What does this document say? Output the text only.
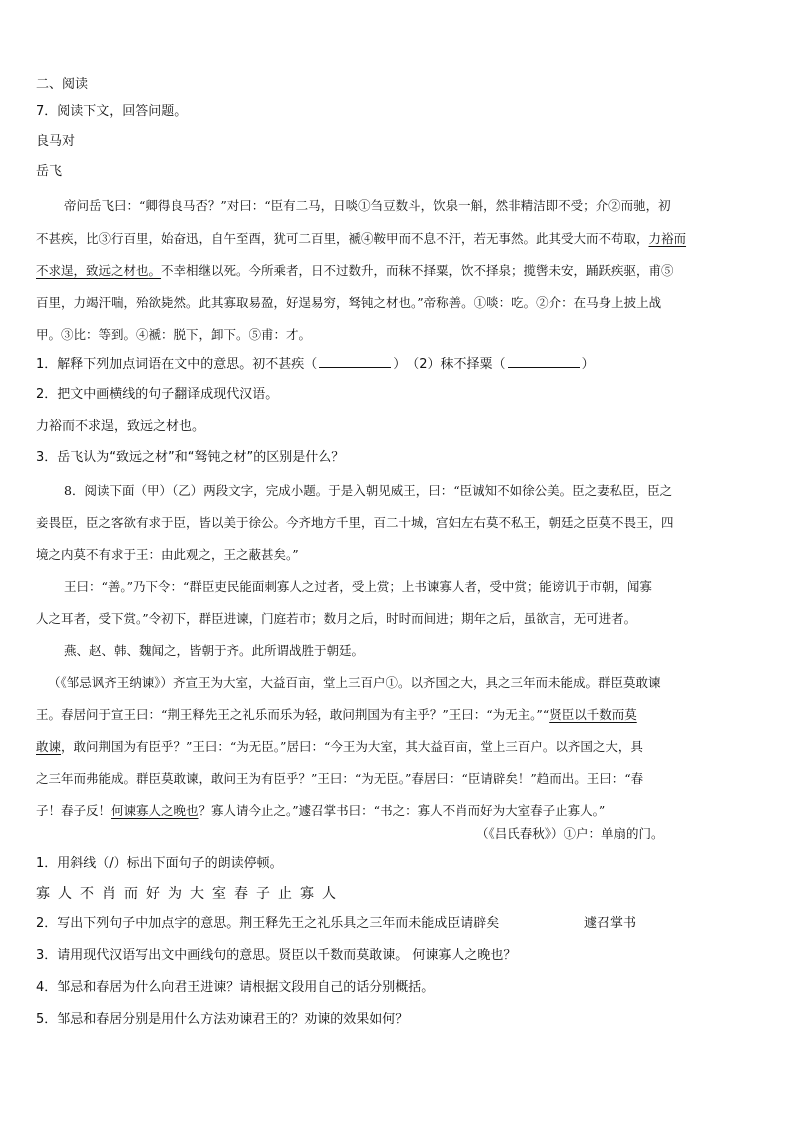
二、阅读
7．阅读下文，回答问题。
良马对
岳飞
帝问岳飞曰：“卿得良马否？”对曰：“臣有二马，日啖①刍豆数斗，饮泉一斛，然非精洁即不受；介②而驰，初
不甚疾，比③行百里，始奋迅，自午至酉，犹可二百里，褫④鞍甲而不息不汗，若无事然。此其受大而不苟取，力裕而
不求逞，致远之材也。不幸相继以死。今所乘者，日不过数升，而秣不择粟，饮不择泉；揽辔未安，踊跃疾驱，甫⑤
百里，力竭汗喘，殆欲毙然。此其寡取易盈，好逞易穷，驽钝之材也。”帝称善。①啖：吃。②介：在马身上披上战
甲。③比：等到。④褫：脱下，卸下。⑤甫：才。
1．解释下列加点词语在文中的意思。初不甚疾（	）　（2）秣不择粟（	）
2．把文中画横线的句子翻译成现代汉语。
力裕而不求逞，致远之材也。
3．岳飞认为“致远之材”和“驽钝之材”的区别是什么？
8．阅读下面（甲）（乙）两段文字，完成小题。于是入朝见威王，曰：“臣诚知不如徐公美。臣之妻私臣，臣之
妾畏臣，臣之客欲有求于臣，皆以美于徐公。今齐地方千里，百二十城，宫妇左右莫不私王，朝廷之臣莫不畏王，四
境之内莫不有求于王：由此观之，王之蔽甚矣。”
王曰：“善。”乃下令：“群臣吏民能面刺寡人之过者，受上赏；上书谏寡人者，受中赏；能谤讥于市朝，闻寡
人之耳者，受下赏。”令初下，群臣进谏，门庭若市；数月之后，时时而间进；期年之后，虽欲言，无可进者。
燕、赵、韩、魏闻之，皆朝于齐。此所谓战胜于朝廷。
（《邹忌讽齐王纳谏》）齐宣王为大室，大益百亩，堂上三百户①。以齐国之大，具之三年而未能成。群臣莫敢谏
王。春居问于宣王曰：“荆王释先王之礼乐而乐为轻，敢问荆国为有主乎？”王曰：“为无主。”“贤臣以千数而莫
敢谏，敢问荆国为有臣乎？”王曰：“为无臣。”居曰：“今王为大室，其大益百亩，堂上三百户。以齐国之大，具
之三年而弗能成。群臣莫敢谏，敢问王为有臣乎？”王曰：“为无臣。”春居曰：“臣请辟矣！”趋而出。王曰：“春
子！春子反！何谏寡人之晚也？寡人请今止之。”遽召掌书曰：“书之：寡人不肖而好为大室春子止寡人。”
（《吕氏春秋》）①户：单扇的门。
1．用斜线（/）标出下面句子的朗读停顿。
寡人不肖而好为大室春子止寡人
2．写出下列句子中加点字的意思。荆王释先王之礼乐具之三年而未能成臣请辟矣	遽召掌书
3．请用现代汉语写出文中画线句的意思。贤臣以千数而莫敢谏。 何谏寡人之晚也？
4．邹忌和春居为什么向君王进谏？请根据文段用自己的话分别概括。
5．邹忌和春居分别是用什么方法劝谏君王的？劝谏的效果如何？
